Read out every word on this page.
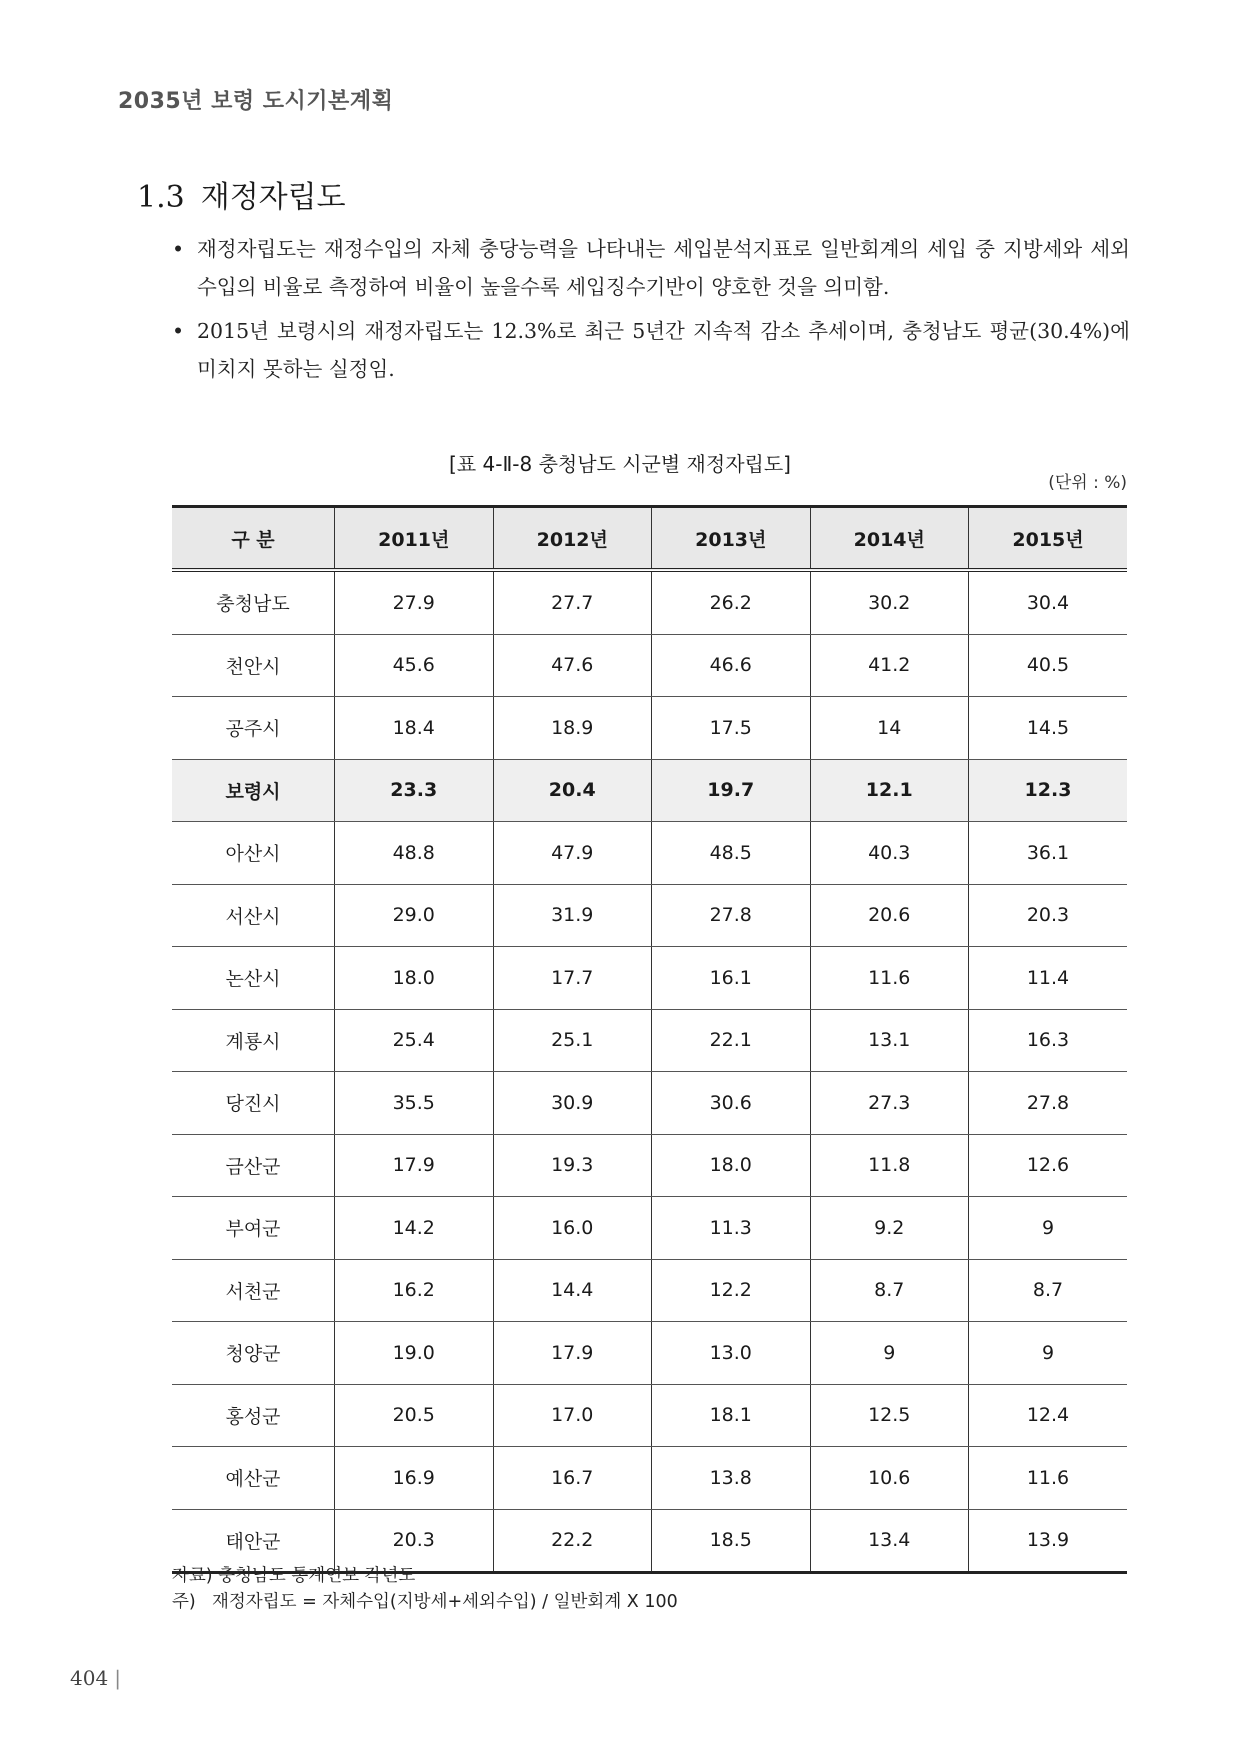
2035년 보령 도시기본계획
1.3 재정자립도
• 재정자립도는 재정수입의 자체 충당능력을 나타내는 세입분석지표로 일반회계의 세입 중 지방세와 세외수입의 비율로 측정하여 비율이 높을수록 세입징수기반이 양호한 것을 의미함.
• 2015년 보령시의 재정자립도는 12.3%로 최근 5년간 지속적 감소 추세이며, 충청남도 평균(30.4%)에 미치지 못하는 실정임.
[표 4-Ⅱ-8 충청남도 시군별 재정자립도]
(단위 : %)
구 분	2011년	2012년	2013년	2014년	2015년
충청남도	27.9	27.7	26.2	30.2	30.4
천안시	45.6	47.6	46.6	41.2	40.5
공주시	18.4	18.9	17.5	14	14.5
보령시	23.3	20.4	19.7	12.1	12.3
아산시	48.8	47.9	48.5	40.3	36.1
서산시	29.0	31.9	27.8	20.6	20.3
논산시	18.0	17.7	16.1	11.6	11.4
계룡시	25.4	25.1	22.1	13.1	16.3
당진시	35.5	30.9	30.6	27.3	27.8
금산군	17.9	19.3	18.0	11.8	12.6
부여군	14.2	16.0	11.3	9.2	9
서천군	16.2	14.4	12.2	8.7	8.7
청양군	19.0	17.9	13.0	9	9
홍성군	20.5	17.0	18.1	12.5	12.4
예산군	16.9	16.7	13.8	10.6	11.6
태안군	20.3	22.2	18.5	13.4	13.9
자료) 충청남도 통계연보 각년도
주) 재정자립도 = 자체수입(지방세+세외수입) / 일반회계 X 100
404 |
